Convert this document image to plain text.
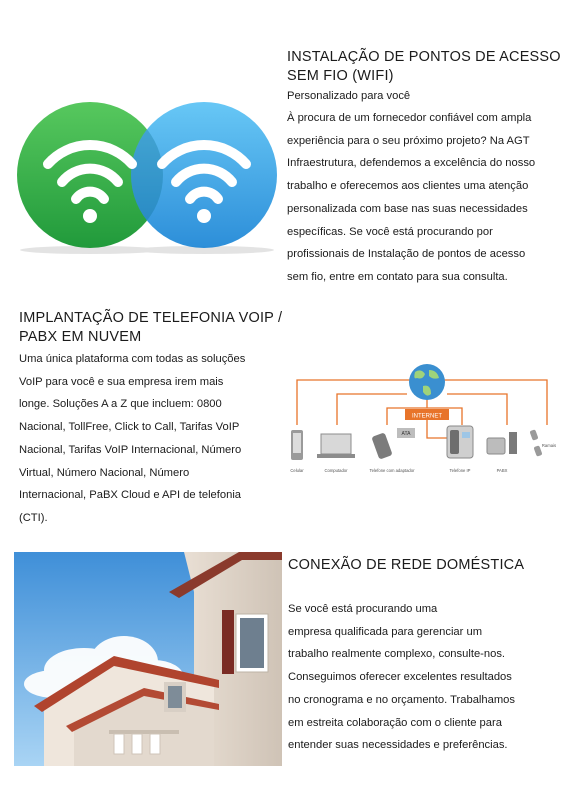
INSTALAÇÃO DE PONTOS DE ACESSO
SEM FIO (WIFI)
Personalizado para você
À procura de um fornecedor confiável com ampla
experiência para o seu próximo projeto? Na AGT
Infraestrutura, defendemos a excelência do nosso
trabalho e oferecemos aos clientes uma atenção
personalizada com base nas suas necessidades
específicas. Se você está procurando por
profissionais de Instalação de pontos de acesso
sem fio, entre em contato para sua consulta.
IMPLANTAÇÃO DE TELEFONIA VOIP /
PABX EM NUVEM
Uma única plataforma com todas as soluções
VoIP para você e sua empresa irem mais
longe. Soluções A a Z que incluem: 0800
Nacional, TollFree, Click to Call, Tarifas VoIP
Nacional, Tarifas VoIP Internacional, Número
Virtual, Número Nacional, Número
Internacional, PaBX Cloud e API de telefonia
(CTI).
INTERNET
ATA
Celular	Computador	Telefone com adaptador	Telefone IP	PABX
Ramais
CONEXÃO DE REDE DOMÉSTICA
Se você está procurando uma
empresa qualificada para gerenciar um
trabalho realmente complexo, consulte-nos.
Conseguimos oferecer excelentes resultados
no cronograma e no orçamento. Trabalhamos
em estreita colaboração com o cliente para
entender suas necessidades e preferências.
